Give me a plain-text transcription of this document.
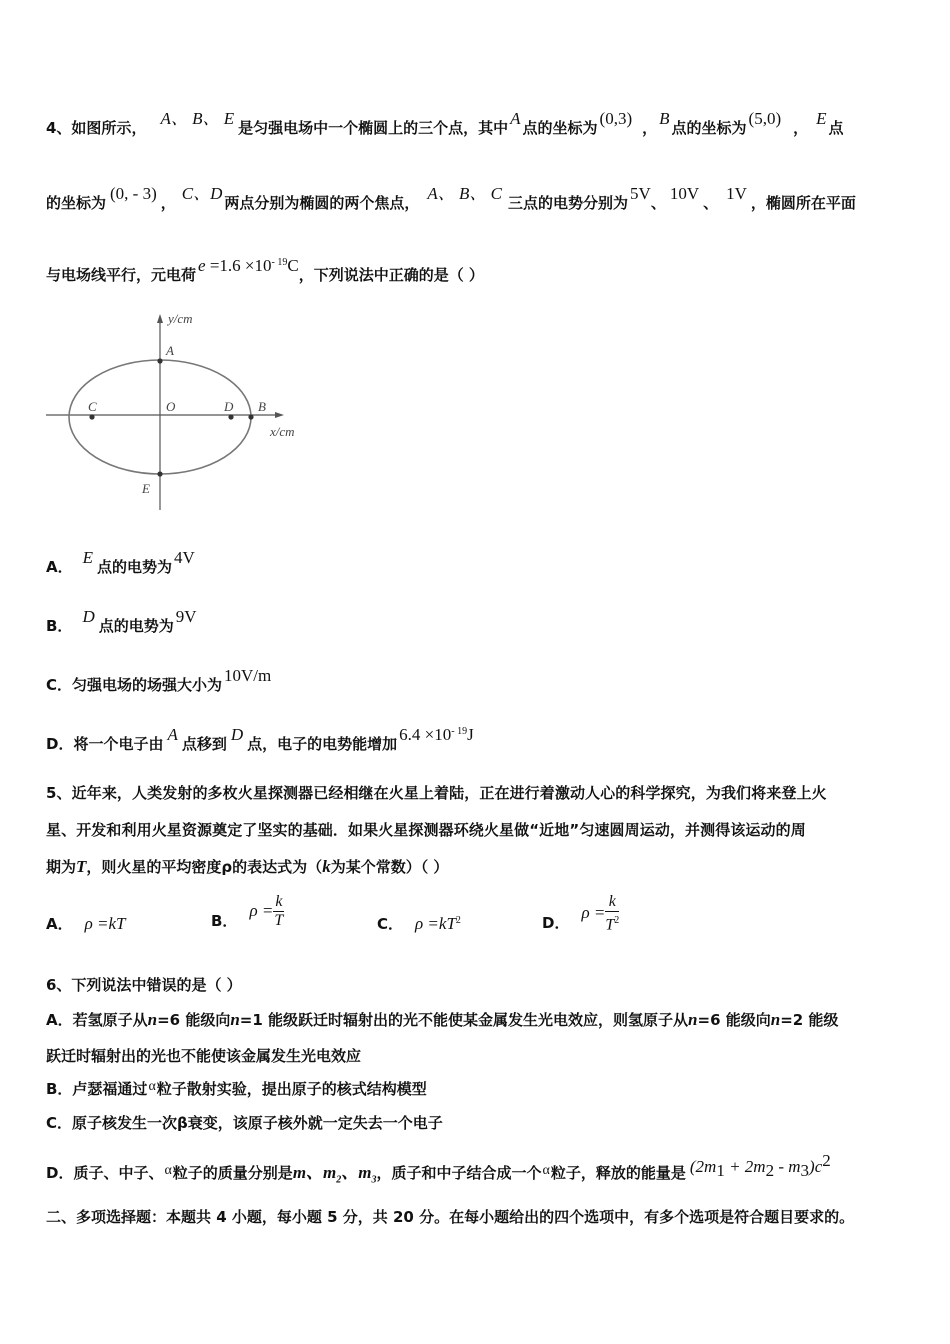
4、如图所示， A、 B、 E 是匀强电场中一个椭圆上的三个点，其中 A 点的坐标为 (0,3) ， B 点的坐标为 (5,0) ， E 点
的坐标为 (0, - 3) ， C、D 两点分别为椭圆的两个焦点， A、 B、 C 三点的电势分别为 5V、 10V 、 1V ，椭圆所在平面
与电场线平行，元电荷 $e =1.6 \times 10^{- 19}C$，下列说法中正确的是（ ）
y/cm
x/cm
A
O
C	D B
E
A． E 点的电势为 4V
B． D 点的电势为 9V
C．匀强电场的场强大小为 10V/m
D．将一个电子由 A 点移到 D 点，电子的电势能增加 $6.4 \times 10^{- 19}J$
5、近年来，人类发射的多枚火星探测器已经相继在火星上着陆，正在进行着激动人心的科学探究，为我们将来登上火
星、开发和利用火星资源奠定了坚实的基础．如果火星探测器环绕火星做“近地”匀速圆周运动，并测得该运动的周
期为T，则火星的平均密度ρ的表达式为（k为某个常数）（ ）
A． ρ =kT	B．$\rho = \frac{k}{T}$	C． $\rho =kT^2$	D．$\rho = \frac{k}{T^2}$
6、下列说法中错误的是（ ）
A．若氢原子从n=6 能级向n=1 能级跃迁时辐射出的光不能使某金属发生光电效应，则氢原子从n=6 能级向n=2 能级
跃迁时辐射出的光也不能使该金属发生光电效应
B．卢瑟福通过α粒子散射实验，提出原子的核式结构模型
C．原子核发生一次β衰变，该原子核外就一定失去一个电子
D．质子、中子、α粒子的质量分别是m、$m_2$、$m_3$，质子和中子结合成一个α粒子，释放的能量是 $(2m_1 + 2m_2 - m_3)c^2$
二、多项选择题：本题共 4 小题，每小题 5 分，共 20 分。在每小题给出的四个选项中，有多个选项是符合题目要求的。
